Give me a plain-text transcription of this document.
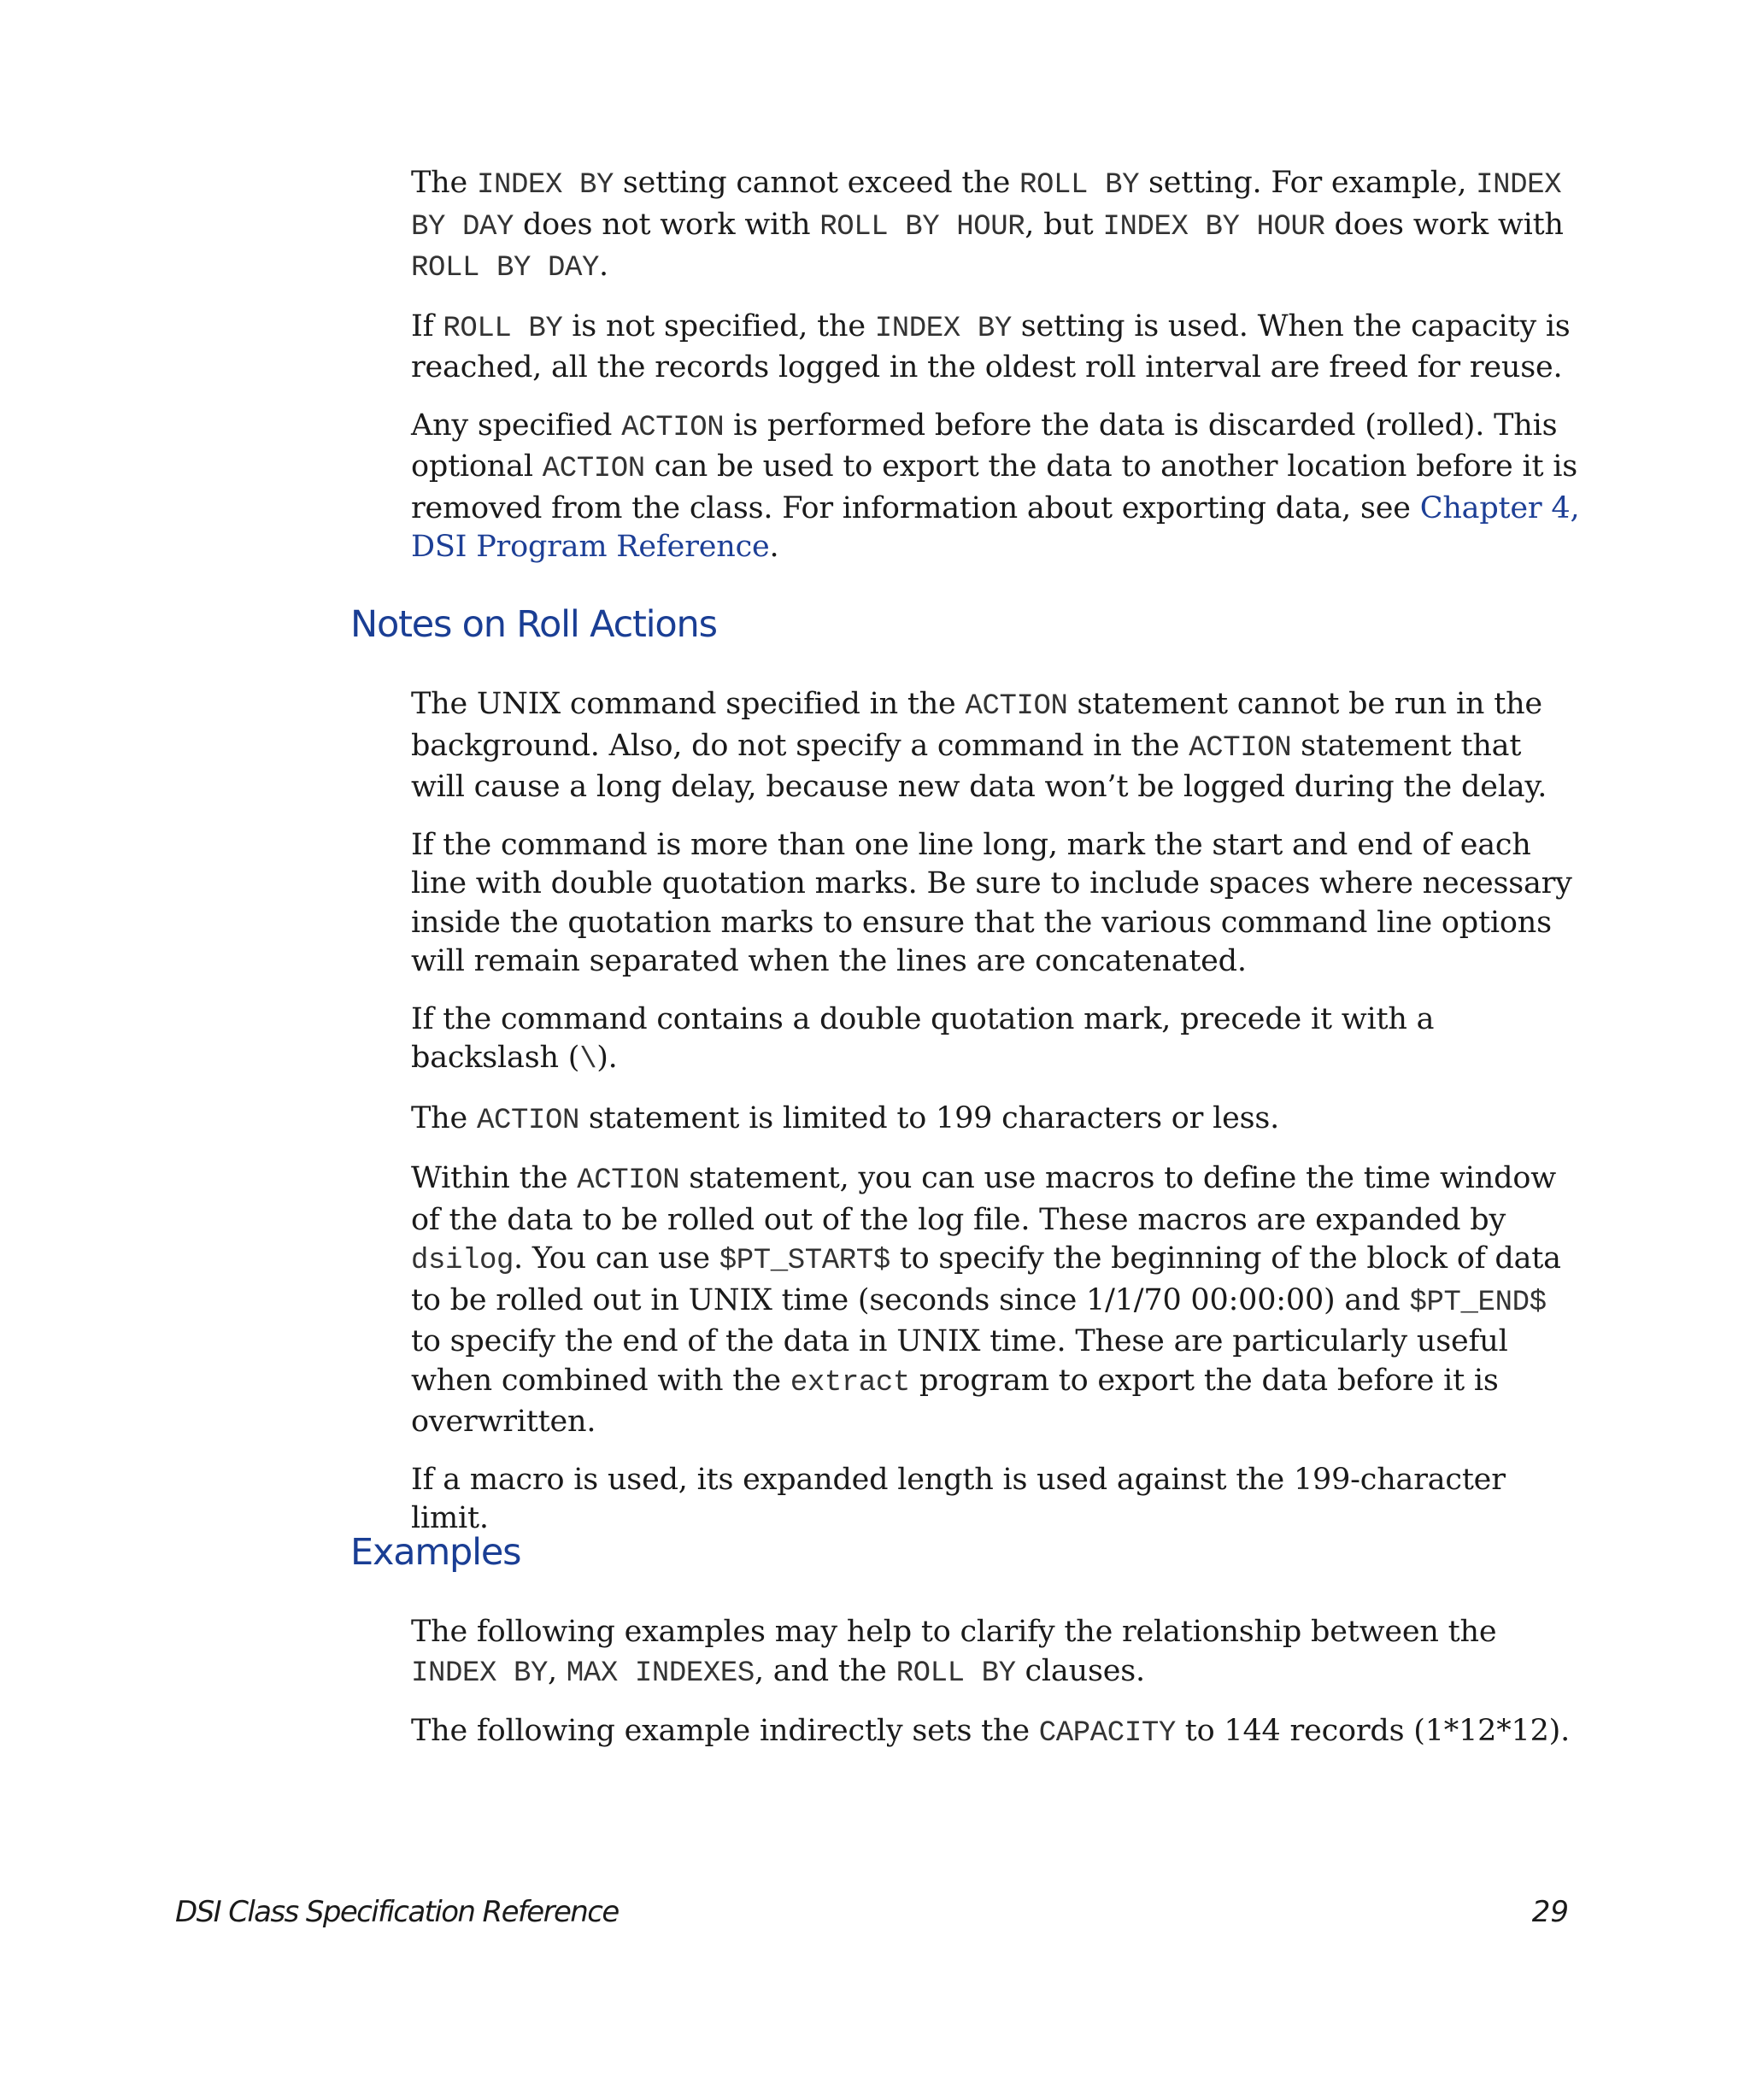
The INDEX BY setting cannot exceed the ROLL BY setting. For example, INDEX BY DAY does not work with ROLL BY HOUR, but INDEX BY HOUR does work with ROLL BY DAY.

If ROLL BY is not specified, the INDEX BY setting is used. When the capacity is reached, all the records logged in the oldest roll interval are freed for reuse.

Any specified ACTION is performed before the data is discarded (rolled). This optional ACTION can be used to export the data to another location before it is removed from the class. For information about exporting data, see Chapter 4, DSI Program Reference.

Notes on Roll Actions

The UNIX command specified in the ACTION statement cannot be run in the background. Also, do not specify a command in the ACTION statement that will cause a long delay, because new data won’t be logged during the delay.

If the command is more than one line long, mark the start and end of each line with double quotation marks. Be sure to include spaces where necessary inside the quotation marks to ensure that the various command line options will remain separated when the lines are concatenated.

If the command contains a double quotation mark, precede it with a backslash (\).

The ACTION statement is limited to 199 characters or less.

Within the ACTION statement, you can use macros to define the time window of the data to be rolled out of the log file. These macros are expanded by dsilog. You can use $PT_START$ to specify the beginning of the block of data to be rolled out in UNIX time (seconds since 1/1/70 00:00:00) and $PT_END$ to specify the end of the data in UNIX time. These are particularly useful when combined with the extract program to export the data before it is overwritten.

If a macro is used, its expanded length is used against the 199-character limit.

Examples

The following examples may help to clarify the relationship between the INDEX BY, MAX INDEXES, and the ROLL BY clauses.

The following example indirectly sets the CAPACITY to 144 records (1*12*12).

DSI Class Specification Reference	29
